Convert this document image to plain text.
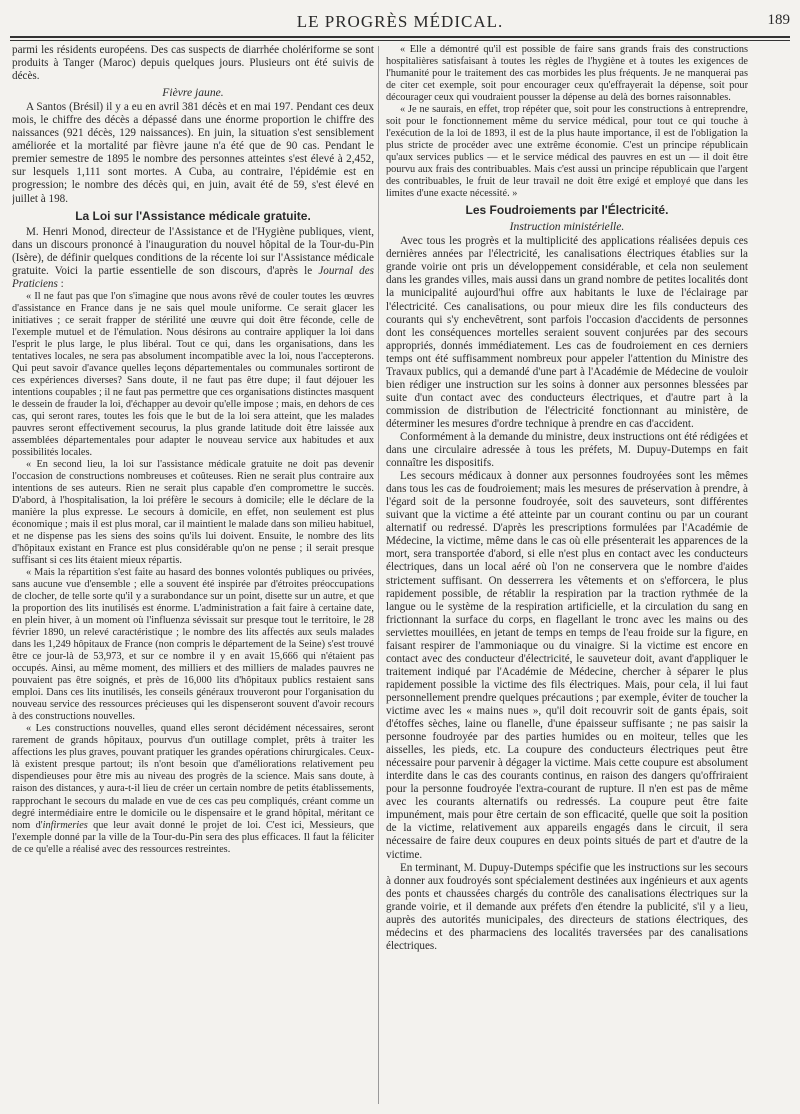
LE PROGRÈS MÉDICAL.	189

parmi les résidents européens. Des cas suspects de diarrhée cholériforme se sont produits à Tanger (Maroc) depuis quelques jours. Plusieurs ont été suivis de décès.

Fièvre jaune.

A Santos (Brésil) il y a eu en avril 381 décès et en mai 197. Pendant ces deux mois, le chiffre des décès a dépassé dans une énorme proportion le chiffre des naissances (921 décès, 129 naissances). En juin, la situation s'est sensiblement améliorée et la mortalité par fièvre jaune n'a été que de 90 cas. Pendant le premier semestre de 1895 le nombre des personnes atteintes s'est élevé à 2,452, sur lesquels 1,111 sont mortes. A Cuba, au contraire, l'épidémie est en progression; le nombre des décès qui, en juin, avait été de 59, s'est élevé en juillet à 198.

La Loi sur l'Assistance médicale gratuite.

M. Henri Monod, directeur de l'Assistance et de l'Hygiène publiques, vient, dans un discours prononcé à l'inauguration du nouvel hôpital de la Tour-du-Pin (Isère), de définir quelques conditions de la récente loi sur l'Assistance médicale gratuite. Voici la partie essentielle de son discours, d'après le Journal des Praticiens :

« Il ne faut pas que l'on s'imagine que nous avons rêvé de couler toutes les œuvres d'assistance en France dans je ne sais quel moule uniforme. Ce serait glacer les initiatives ; ce serait frapper de stérilité une œuvre qui doit être féconde, celle de l'exemple mutuel et de l'émulation. Nous désirons au contraire appliquer la loi dans l'esprit le plus large, le plus libéral. Tout ce qui, dans les organisations, dans les tentatives locales, ne sera pas absolument incompatible avec la loi, nous l'accepterons. Qui peut savoir d'avance quelles leçons départementales ou communales sortiront de ces expériences diverses? Sans doute, il ne faut pas être dupe; il faut déjouer les intentions coupables ; il ne faut pas permettre que ces organisations distinctes masquent le dessein de frauder la loi, d'échapper au devoir qu'elle impose ; mais, en dehors de ces cas, qui seront rares, toutes les fois que le but de la loi sera atteint, que les malades pauvres seront effectivement secourus, la plus grande latitude doit être laissée aux assemblées départementales pour adapter le nouveau service aux habitudes et aux possibilités locales.

« En second lieu, la loi sur l'assistance médicale gratuite ne doit pas devenir l'occasion de constructions nombreuses et coûteuses. Rien ne serait plus contraire aux intentions de ses auteurs. Rien ne serait plus capable d'en compromettre le succès. D'abord, à l'hospitalisation, la loi préfère le secours à domicile; elle le déclare de la manière la plus expresse. Le secours à domicile, en effet, non seulement est plus économique ; mais il est plus moral, car il maintient le malade dans son milieu habituel, et ne dispense pas les siens des soins qu'ils lui doivent. Ensuite, le nombre des lits d'hôpitaux existant en France est plus considérable qu'on ne pense ; il serait presque suffisant si ces lits étaient mieux répartis.

« Mais la répartition s'est faite au hasard des bonnes volontés publiques ou privées, sans aucune vue d'ensemble ; elle a souvent été inspirée par d'étroites préoccupations de clocher, de telle sorte qu'il y a surabondance sur un point, disette sur un autre, et que la proportion des lits inutilisés est énorme. L'administration a fait faire à certaine date, en plein hiver, à un moment où l'influenza sévissait sur presque tout le territoire, le 28 février 1890, un relevé caractéristique ; le nombre des lits affectés aux seuls malades dans les 1,249 hôpitaux de France (non compris le département de la Seine) s'est trouvé être ce jour-là de 53,973, et sur ce nombre il y en avait 15,666 qui n'étaient pas occupés. Ainsi, au même moment, des milliers et des milliers de malades pauvres ne pouvaient pas être soignés, et près de 16,000 lits d'hôpitaux publics restaient sans emploi. Dans ces lits inutilisés, les conseils généraux trouveront pour l'organisation du nouveau service des ressources précieuses qui les dispenseront souvent d'avoir recours à des constructions nouvelles.

« Les constructions nouvelles, quand elles seront décidément nécessaires, seront rarement de grands hôpitaux, pourvus d'un outillage complet, prêts à traiter les affections les plus graves, pouvant pratiquer les grandes opérations chirurgicales. Ceux-là existent presque partout; ils n'ont besoin que d'améliorations relativement peu dispendieuses pour être mis au niveau des progrès de la science. Mais sans doute, à raison des distances, y aura-t-il lieu de créer un certain nombre de petits établissements, rapprochant le secours du malade en vue de ces cas peu compliqués, créant comme un degré intermédiaire entre le domicile ou le dispensaire et le grand hôpital, méritant ce nom d'infirmeries que leur avait donné le projet de loi. C'est ici, Messieurs, que l'exemple donné par la ville de la Tour-du-Pin sera des plus efficaces. Il faut la féliciter de ce qu'elle a réalisé avec des ressources restreintes.

« Elle a démontré qu'il est possible de faire sans grands frais des constructions hospitalières satisfaisant à toutes les règles de l'hygiène et à toutes les exigences de l'humanité pour le traitement des cas morbides les plus fréquents. Je ne manquerai pas de citer cet exemple, soit pour encourager ceux qu'effrayerait la dépense, soit pour décourager ceux qui voudraient pousser la dépense au delà des bornes raisonnables.

« Je ne saurais, en effet, trop répéter que, soit pour les constructions à entreprendre, soit pour le fonctionnement même du service médical, pour tout ce qui touche à l'exécution de la loi de 1893, il est de la plus haute importance, il est de l'obligation la plus stricte de procéder avec une extrême économie. C'est un principe républicain qu'aux services publics — et le service médical des pauvres en est un — il doit être pourvu aux frais des contribuables. Mais c'est aussi un principe républicain que l'argent des contribuables, le fruit de leur travail ne doit être exigé et employé que dans les limites d'une exacte nécessité. »

Les Foudroiements par l'Électricité.
Instruction ministérielle.

Avec tous les progrès et la multiplicité des applications réalisées depuis ces dernières années par l'électricité, les canalisations électriques établies sur la grande voirie ont pris un développement considérable, et cela non seulement dans les grandes villes, mais aussi dans un grand nombre de petites localités dont la municipalité aujourd'hui offre aux habitants le luxe de l'éclairage par l'électricité. Ces canalisations, ou pour mieux dire les fils conducteurs des courants qui s'y enchevêtrent, sont parfois l'occasion d'accidents de personnes dont les conséquences mortelles seraient souvent conjurées par des secours appropriés, donnés immédiatement. Les cas de foudroiement en ces derniers temps ont été suffisamment nombreux pour appeler l'attention du Ministre des Travaux publics, qui a demandé d'une part à l'Académie de Médecine de vouloir bien rédiger une instruction sur les soins à donner aux personnes blessées par suite d'un contact avec des conducteurs électriques, et d'autre part à la commission de distribution de l'électricité fonctionnant au ministère, de déterminer les mesures d'ordre technique à prendre en cas d'accident.

Conformément à la demande du ministre, deux instructions ont été rédigées et dans une circulaire adressée à tous les préfets, M. Dupuy-Dutemps en fait connaître les dispositifs.

Les secours médicaux à donner aux personnes foudroyées sont les mêmes dans tous les cas de foudroiement; mais les mesures de préservation à prendre, à l'égard soit de la personne foudroyée, soit des sauveteurs, sont différentes suivant que la victime a été atteinte par un courant continu ou par un courant alternatif ou redressé. D'après les prescriptions formulées par l'Académie de Médecine, la victime, même dans le cas où elle présenterait les apparences de la mort, sera transportée d'abord, si elle n'est plus en contact avec les conducteurs électriques, dans un local aéré où l'on ne conservera que le nombre d'aides strictement suffisant. On desserrera les vêtements et on s'efforcera, le plus rapidement possible, de rétablir la respiration par la traction rythmée de la langue ou le système de la respiration artificielle, et la circulation du sang en frictionnant la surface du corps, en flagellant le tronc avec les mains ou des serviettes mouillées, en jetant de temps en temps de l'eau froide sur la figure, en faisant respirer de l'ammoniaque ou du vinaigre. Si la victime est encore en contact avec des conducteur d'électricité, le sauveteur doit, avant d'appliquer le traitement indiqué par l'Académie de Médecine, chercher à séparer le plus rapidement possible la victime des fils électriques. Mais, pour cela, il lui faut personnellement prendre quelques précautions ; par exemple, éviter de toucher la victime avec les « mains nues », qu'il doit recouvrir soit de gants épais, soit d'étoffes sèches, laine ou flanelle, d'une épaisseur suffisante ; ne pas saisir la personne foudroyée par des parties humides ou en moiteur, telles que les aisselles, les pieds, etc. La coupure des conducteurs électriques peut être nécessaire pour parvenir à dégager la victime. Mais cette coupure est absolument interdite dans le cas des courants continus, en raison des dangers qu'offriraient pour la personne foudroyée l'extra-courant de rupture. Il n'en est pas de même avec les courants alternatifs ou redressés. La coupure peut être faite impunément, mais pour être certain de son efficacité, quelle que soit la position de la victime, relativement aux appareils engagés dans le circuit, il sera nécessaire de faire deux coupures en deux points situés de part et d'autre de la victime.

En terminant, M. Dupuy-Dutemps spécifie que les instructions sur les secours à donner aux foudroyés sont spécialement destinées aux ingénieurs et aux agents des ponts et chaussées chargés du contrôle des canalisations électriques sur la grande voirie, et il demande aux préfets d'en étendre la publicité, s'il y a lieu, auprès des autorités municipales, des directeurs de stations électriques, des médecins et des pharmaciens des localités traversées par des canalisations électriques.
